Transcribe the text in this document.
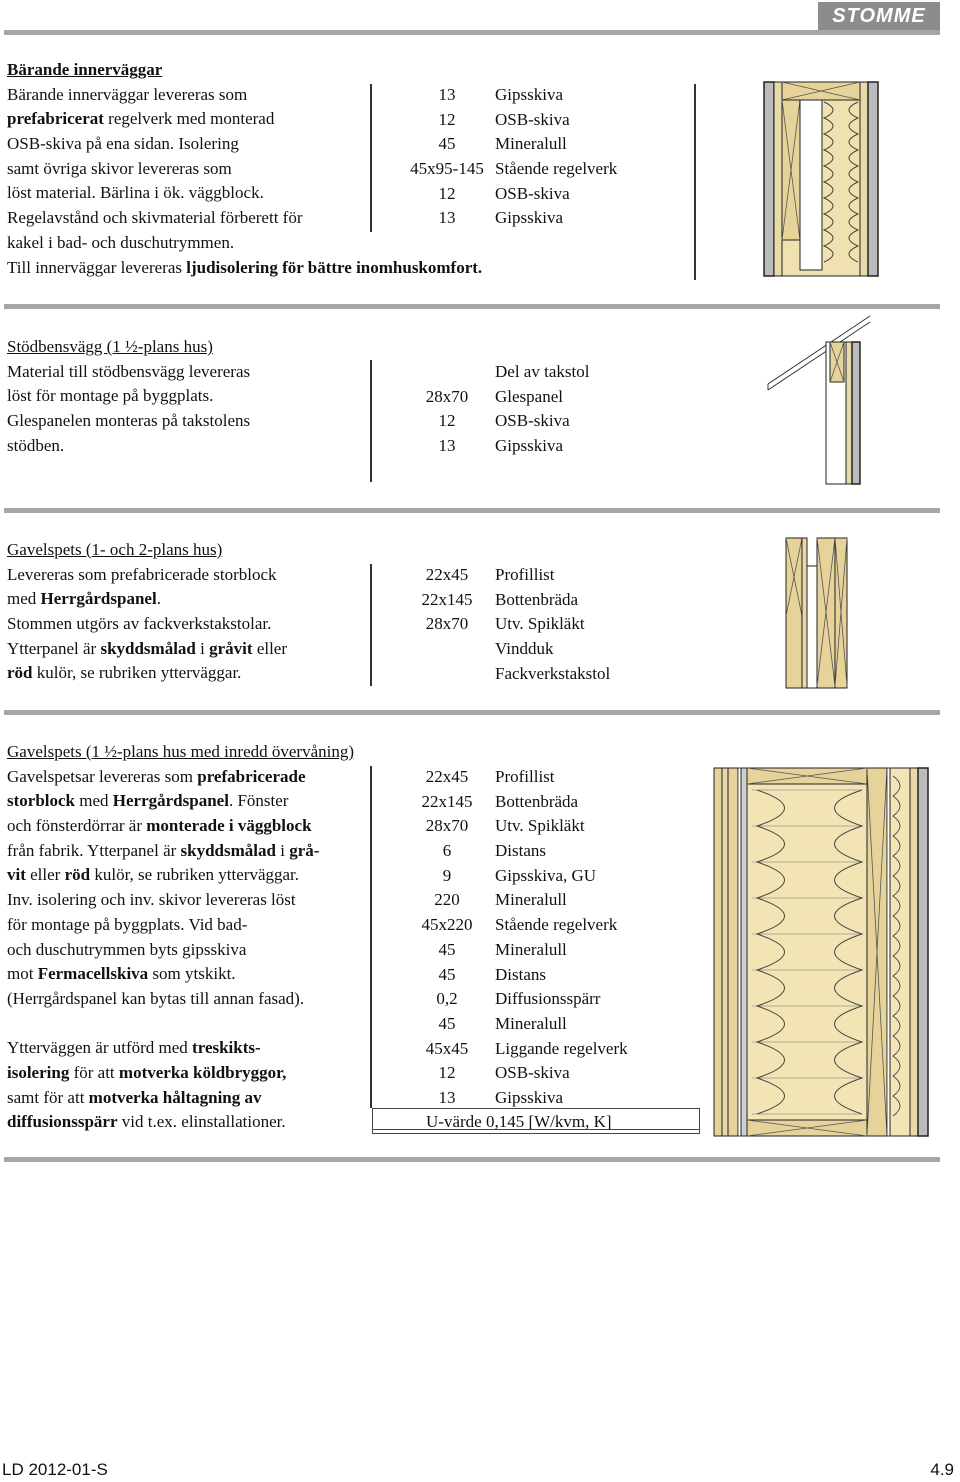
STOMME
Bärande innerväggar
Bärande innerväggar levereras som
prefabricerat regelverk med monterad
OSB-skiva på ena sidan. Isolering
samt övriga skivor levereras som
löst material. Bärlina i ök. väggblock.
Regelavstånd och skivmaterial förberett för
kakel i bad- och duschutrymmen.
Till innerväggar levereras ljudisolering för bättre inomhuskomfort.
13
12
45
45x95-145
12
13
Gipsskiva
OSB-skiva
Mineralull
Stående regelverk
OSB-skiva
Gipsskiva
Stödbensvägg (1 ½-plans hus)
Material till stödbensvägg levereras
löst för montage på byggplats.
Glespanelen monteras på takstolens
stödben.
28x70
12
13
Del av takstol
Glespanel
OSB-skiva
Gipsskiva
Gavelspets (1- och 2-plans hus)
Levereras som prefabricerade storblock
med Herrgårdspanel.
Stommen utgörs av fackverkstakstolar.
Ytterpanel är skyddsmålad i gråvit eller
röd kulör, se rubriken ytterväggar.
22x45
22x145
28x70
Profillist
Bottenbräda
Utv. Spikläkt
Vindduk
Fackverkstakstol
Gavelspets (1 ½-plans hus med inredd övervåning)
Gavelspetsar levereras som prefabricerade
storblock med Herrgårdspanel. Fönster
och fönsterdörrar är monterade i väggblock
från fabrik. Ytterpanel är skyddsmålad i grå-
vit eller röd kulör, se rubriken ytterväggar.
Inv. isolering och inv. skivor levereras löst
för montage på byggplats. Vid bad-
och duschutrymmen byts gipsskiva
mot Fermacellskiva som ytskikt.
(Herrgårdspanel kan bytas till annan fasad).
Ytterväggen är utförd med treskikts-
isolering för att motverka köldbryggor,
samt för att motverka håltagning av
diffusionsspärr vid t.ex. elinstallationer.
22x45
22x145
28x70
6
9
220
45x220
45
45
0,2
45
45x45
12
13
Profillist
Bottenbräda
Utv. Spikläkt
Distans
Gipsskiva, GU
Mineralull
Stående regelverk
Mineralull
Distans
Diffusionsspärr
Mineralull
Liggande regelverk
OSB-skiva
Gipsskiva
U-värde 0,145 [W/kvm, K]
LD 2012-01-S	4.9
